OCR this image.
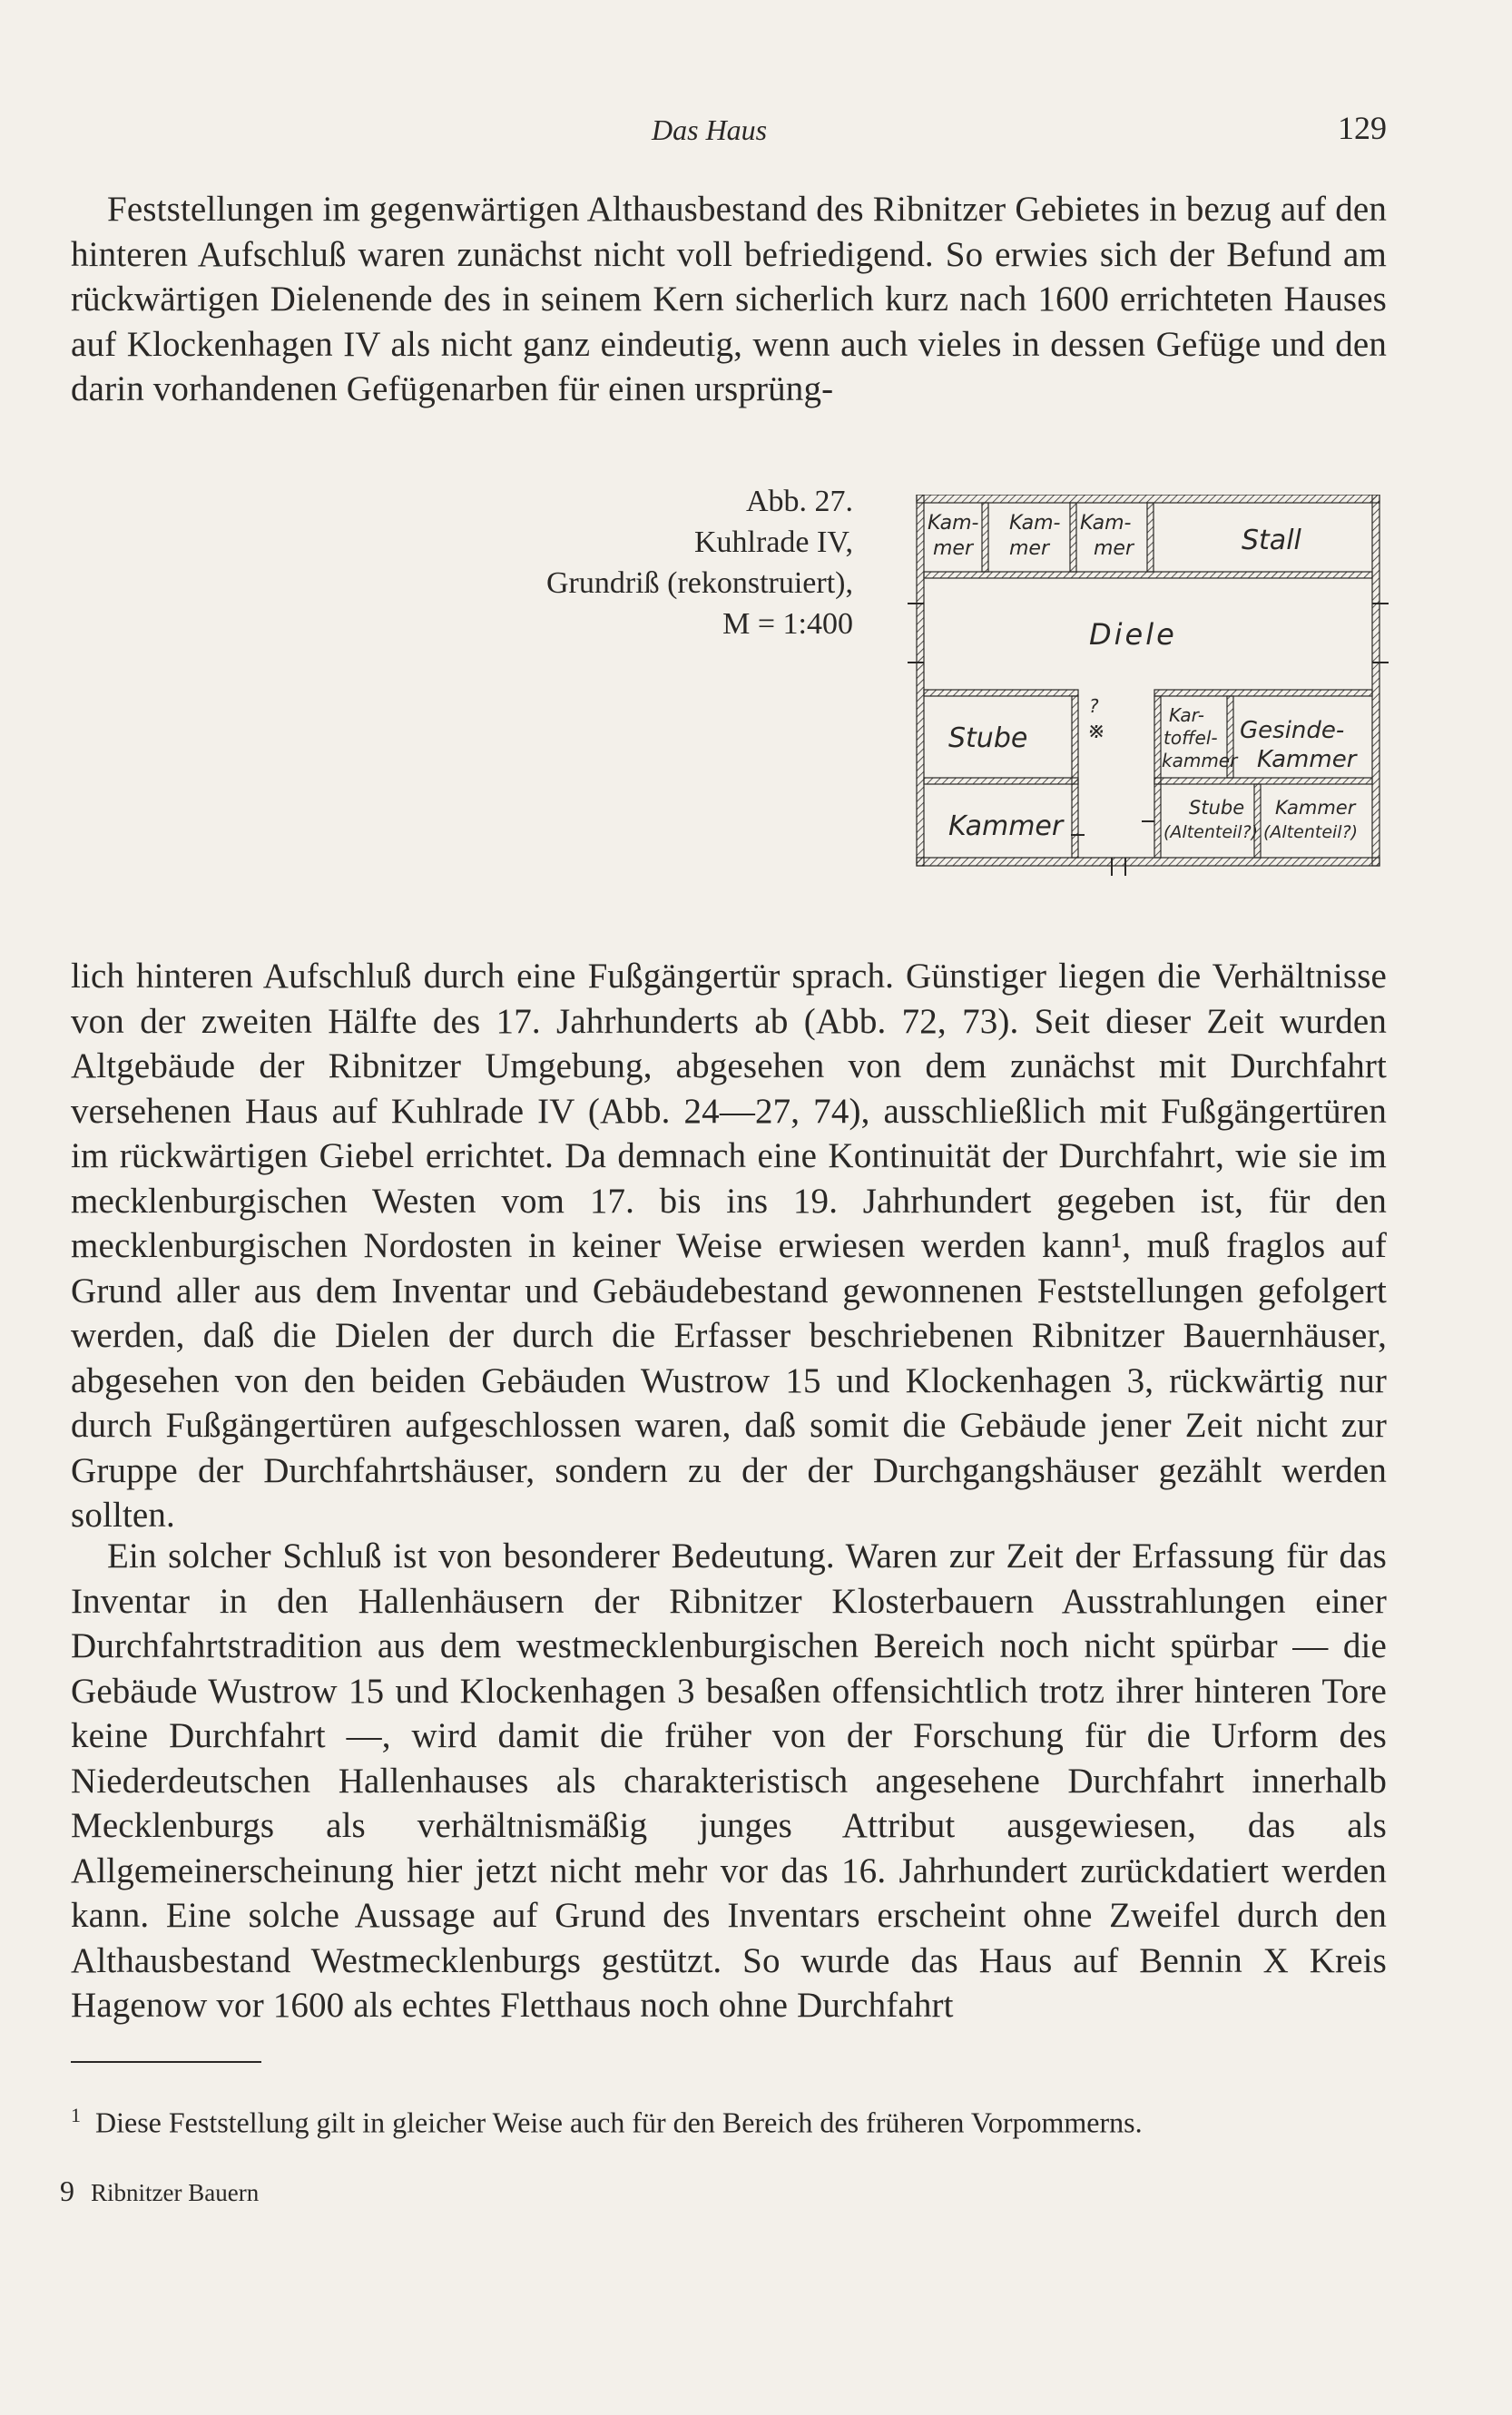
Das Haus	129

Feststellungen im gegenwärtigen Althausbestand des Ribnitzer Gebietes in bezug auf den hinteren Aufschluß waren zunächst nicht voll befriedigend. So erwies sich der Befund am rückwärtigen Dielenende des in seinem Kern sicherlich kurz nach 1600 errichteten Hauses auf Klockenhagen IV als nicht ganz eindeutig, wenn auch vieles in dessen Gefüge und den darin vorhandenen Gefügenarben für einen ursprüng-

Abb. 27.
Kuhlrade IV,
Grundriß (rekonstruiert),
M = 1:400
Kam-
mer
Kam-
mer
Kam-
mer	Stall
Diele
Stube
?
※
Kammer
Kar-
toffel-
kammer
Gesinde-
Kammer
Stube
(Altenteil?)
Kammer
(Altenteil?)

lich hinteren Aufschluß durch eine Fußgängertür sprach. Günstiger liegen die Verhältnisse von der zweiten Hälfte des 17. Jahrhunderts ab (Abb. 72, 73). Seit dieser Zeit wurden Altgebäude der Ribnitzer Umgebung, abgesehen von dem zunächst mit Durchfahrt versehenen Haus auf Kuhlrade IV (Abb. 24—27, 74), ausschließlich mit Fußgängertüren im rückwärtigen Giebel errichtet. Da demnach eine Kontinuität der Durchfahrt, wie sie im mecklenburgischen Westen vom 17. bis ins 19. Jahrhundert gegeben ist, für den mecklenburgischen Nordosten in keiner Weise erwiesen werden kann¹, muß fraglos auf Grund aller aus dem Inventar und Gebäudebestand gewonnenen Feststellungen gefolgert werden, daß die Dielen der durch die Erfasser beschriebenen Ribnitzer Bauernhäuser, abgesehen von den beiden Gebäuden Wustrow 15 und Klockenhagen 3, rückwärtig nur durch Fußgängertüren aufgeschlossen waren, daß somit die Gebäude jener Zeit nicht zur Gruppe der Durchfahrtshäuser, sondern zu der der Durchgangshäuser gezählt werden sollten.

Ein solcher Schluß ist von besonderer Bedeutung. Waren zur Zeit der Erfassung für das Inventar in den Hallenhäusern der Ribnitzer Klosterbauern Ausstrahlungen einer Durchfahrtstradition aus dem westmecklenburgischen Bereich noch nicht spürbar — die Gebäude Wustrow 15 und Klockenhagen 3 besaßen offensichtlich trotz ihrer hinteren Tore keine Durchfahrt —, wird damit die früher von der Forschung für die Urform des Niederdeutschen Hallenhauses als charakteristisch angesehene Durchfahrt innerhalb Mecklenburgs als verhältnismäßig junges Attribut ausgewiesen, das als Allgemeinerscheinung hier jetzt nicht mehr vor das 16. Jahrhundert zurückdatiert werden kann. Eine solche Aussage auf Grund des Inventars erscheint ohne Zweifel durch den Althausbestand Westmecklenburgs gestützt. So wurde das Haus auf Bennin X Kreis Hagenow vor 1600 als echtes Fletthaus noch ohne Durchfahrt

$^1$ Diese Feststellung gilt in gleicher Weise auch für den Bereich des früheren Vorpommerns.

9 Ribnitzer Bauern
